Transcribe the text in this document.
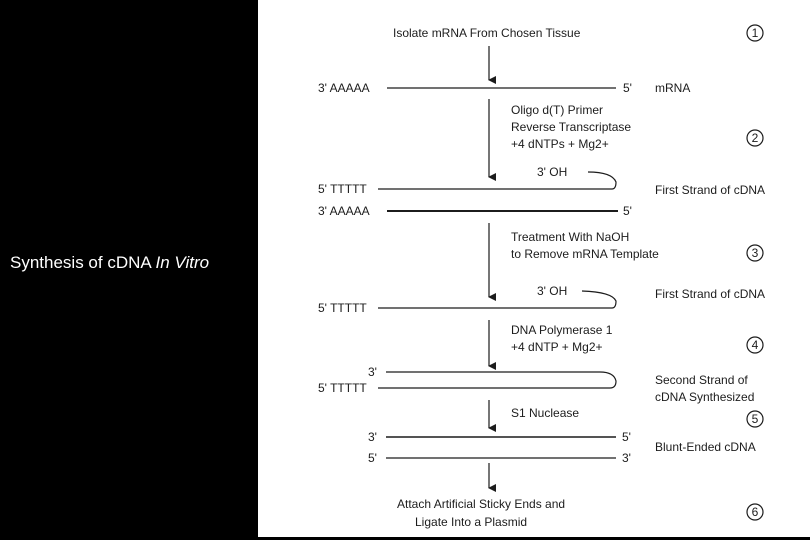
Synthesis of cDNA In Vitro
Isolate mRNA From Chosen Tissue
Oligo d(T) Primer
Reverse Transcriptase
+4 dNTPs + Mg2+
Treatment With NaOH
to Remove mRNA Template
DNA Polymerase 1
+4 dNTP + Mg2+
S1 Nuclease
Attach Artificial Sticky Ends and
Ligate Into a Plasmid
3' AAAAA	5'
3' OH
5' TTTTT
3' AAAAA	5'
3' OH
5' TTTTT
3'
5' TTTTT
3'	5'
5'	3'
mRNA
First Strand of cDNA
First Strand of cDNA
Second Strand of
cDNA Synthesized
Blunt-Ended cDNA
1
2
3
4
5
6
